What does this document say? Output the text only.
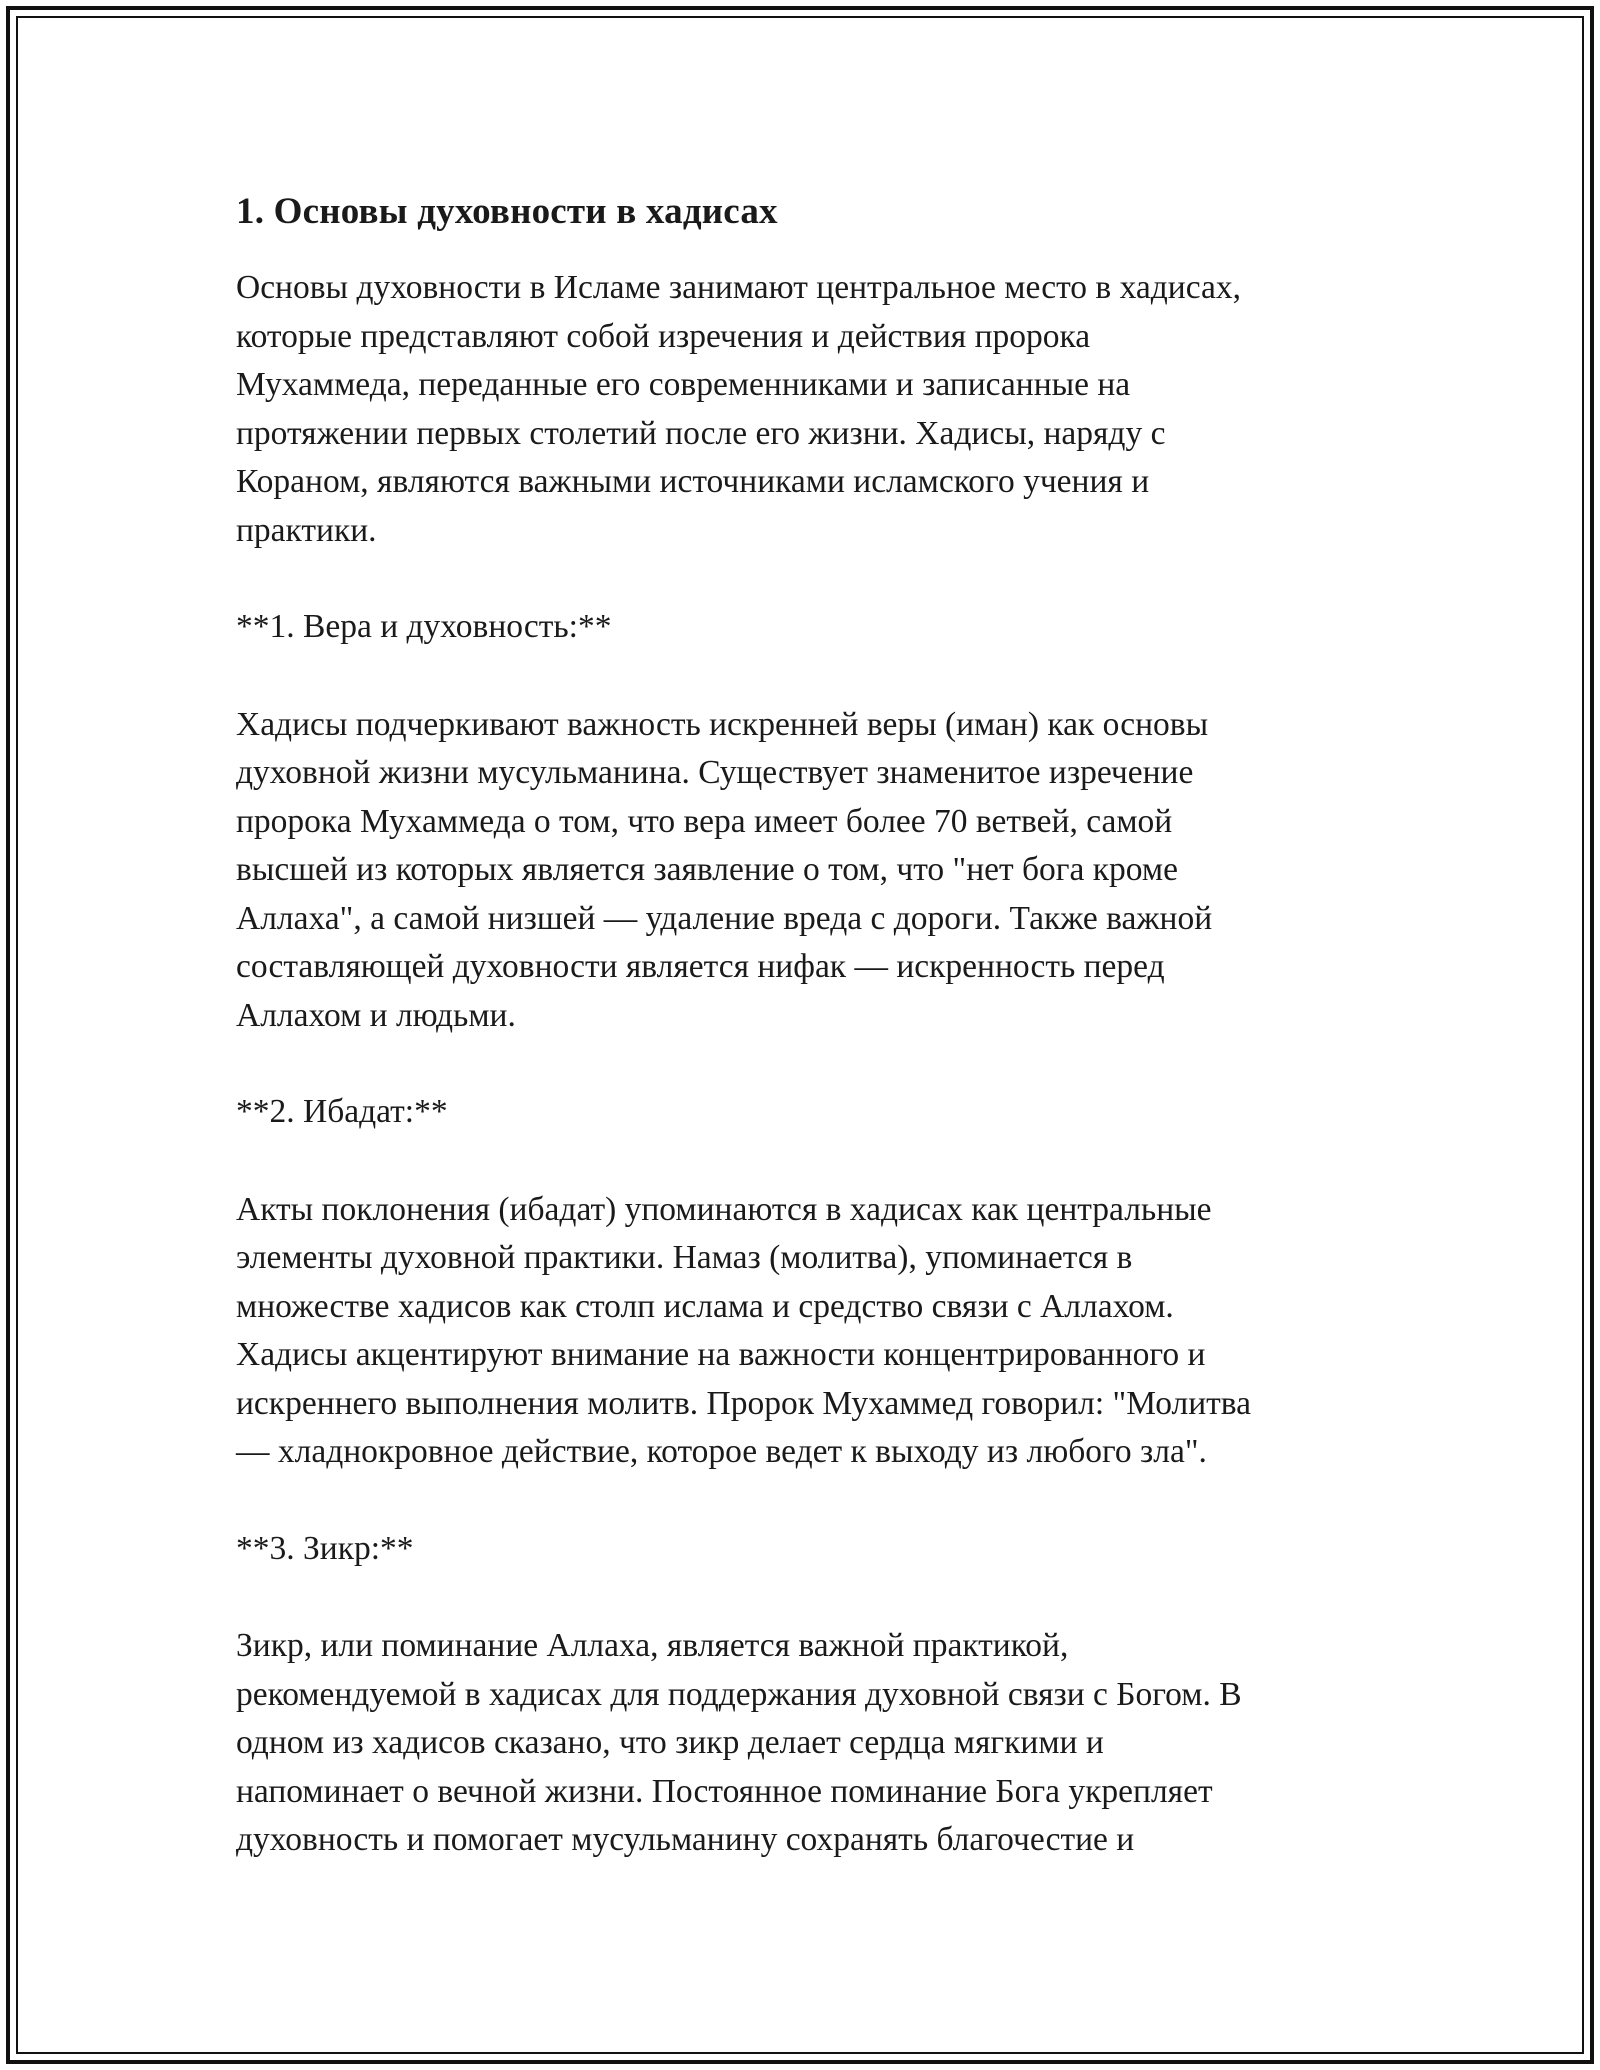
1. Основы духовности в хадисах

Основы духовности в Исламе занимают центральное место в хадисах,
которые представляют собой изречения и действия пророка
Мухаммеда, переданные его современниками и записанные на
протяжении первых столетий после его жизни. Хадисы, наряду с
Кораном, являются важными источниками исламского учения и
практики.

**1. Вера и духовность:**

Хадисы подчеркивают важность искренней веры (иман) как основы
духовной жизни мусульманина. Существует знаменитое изречение
пророка Мухаммеда о том, что вера имеет более 70 ветвей, самой
высшей из которых является заявление о том, что "нет бога кроме
Аллаха", а самой низшей — удаление вреда с дороги. Также важной
составляющей духовности является нифак — искренность перед
Аллахом и людьми.

**2. Ибадат:**

Акты поклонения (ибадат) упоминаются в хадисах как центральные
элементы духовной практики. Намаз (молитва), упоминается в
множестве хадисов как столп ислама и средство связи с Аллахом.
Хадисы акцентируют внимание на важности концентрированного и
искреннего выполнения молитв. Пророк Мухаммед говорил: "Молитва
— хладнокровное действие, которое ведет к выходу из любого зла".

**3. Зикр:**

Зикр, или поминание Аллаха, является важной практикой,
рекомендуемой в хадисах для поддержания духовной связи с Богом. В
одном из хадисов сказано, что зикр делает сердца мягкими и
напоминает о вечной жизни. Постоянное поминание Бога укрепляет
духовность и помогает мусульманину сохранять благочестие и
